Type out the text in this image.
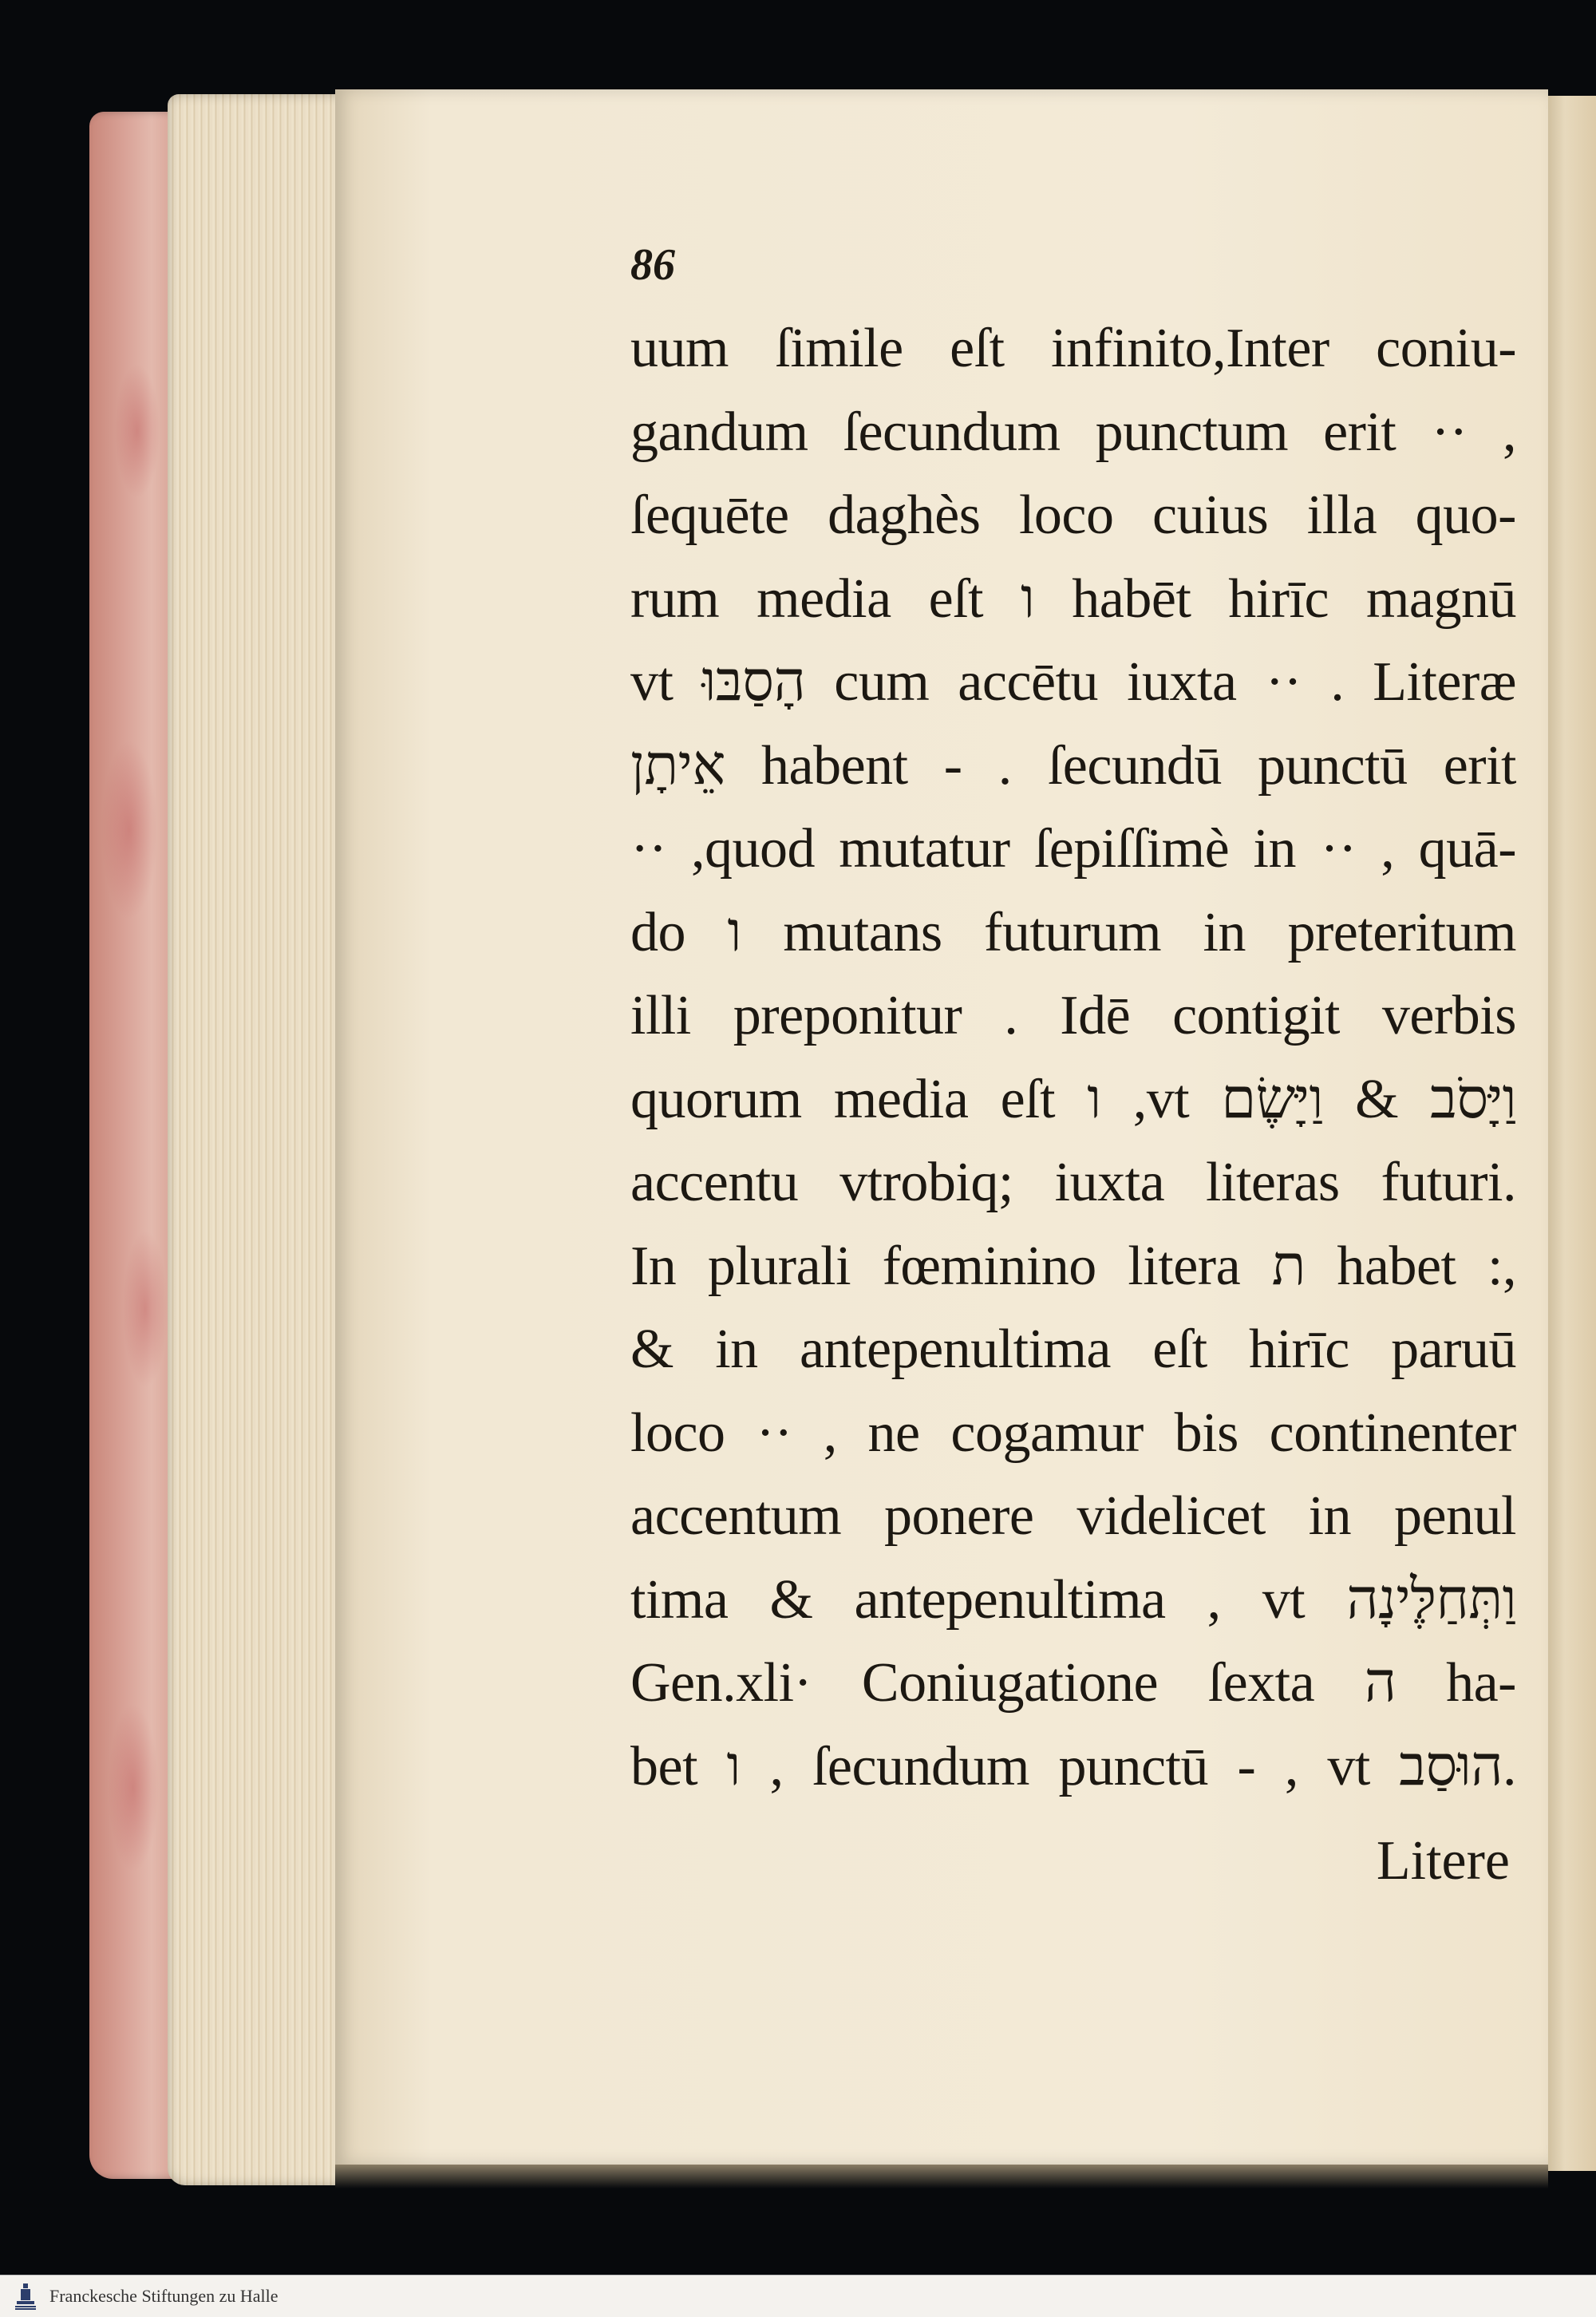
86
uum ſimile eſt infinito,Inter coniu-
gandum ſecundum punctum erit ·· ,
ſequēte daghès loco cuius illa quo-
rum media eſt ו habēt hirīc magnū
vt הָסַבּוּ cum accētu iuxta ·· . Literæ
אֵיתָן habent ‑ . ſecundū punctū erit
·· ,quod mutatur ſepiſſimè in ·· , quā-
do ו mutans futurum in preteritum
illi preponitur . Idē contigit verbis
quorum media eſt ו ,vt וַיָּסֹב & וַיָּשֶׂם
accentu vtrobiq; iuxta literas futuri.
In plurali fœminino litera ת habet :,
& in antepenultima eſt hirīc paruū
loco ·· , ne cogamur bis continenter
accentum ponere videlicet in penul
tima & antepenultima , vt וַתְּחַלֶּינָה
Gen.xli· Coniugatione ſexta ה ha-
bet ו , ſecundum punctū ‑ , vt הוּסַב.
Litere
Franckesche Stiftungen zu Halle
